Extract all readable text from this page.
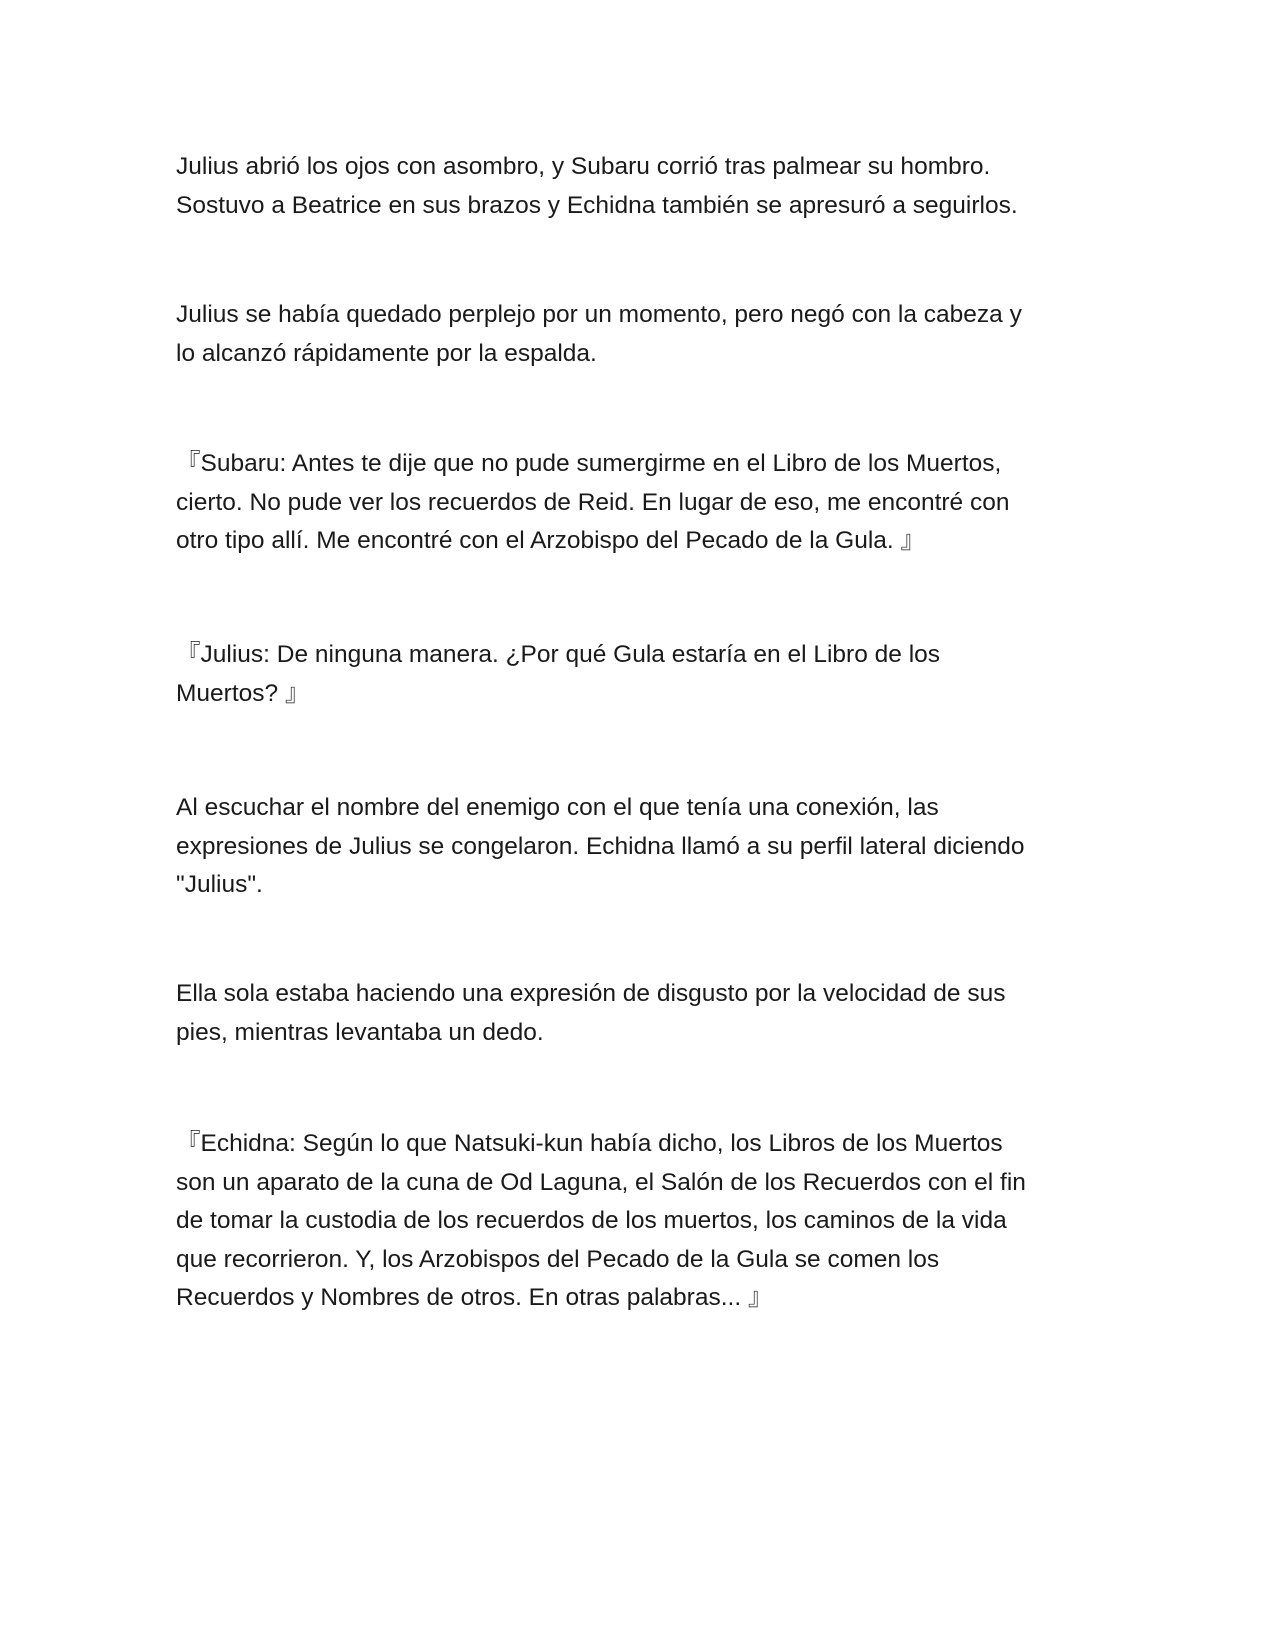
Julius abrió los ojos con asombro, y Subaru corrió tras palmear su hombro.
Sostuvo a Beatrice en sus brazos y Echidna también se apresuró a seguirlos.

Julius se había quedado perplejo por un momento, pero negó con la cabeza y
lo alcanzó rápidamente por la espalda.

『Subaru: Antes te dije que no pude sumergirme en el Libro de los Muertos,
cierto. No pude ver los recuerdos de Reid. En lugar de eso, me encontré con
otro tipo allí. Me encontré con el Arzobispo del Pecado de la Gula. 』

『Julius: De ninguna manera. ¿Por qué Gula estaría en el Libro de los
Muertos? 』

Al escuchar el nombre del enemigo con el que tenía una conexión, las
expresiones de Julius se congelaron. Echidna llamó a su perfil lateral diciendo
"Julius".

Ella sola estaba haciendo una expresión de disgusto por la velocidad de sus
pies, mientras levantaba un dedo.

『Echidna: Según lo que Natsuki-kun había dicho, los Libros de los Muertos
son un aparato de la cuna de Od Laguna, el Salón de los Recuerdos con el fin
de tomar la custodia de los recuerdos de los muertos, los caminos de la vida
que recorrieron. Y, los Arzobispos del Pecado de la Gula se comen los
Recuerdos y Nombres de otros. En otras palabras... 』
